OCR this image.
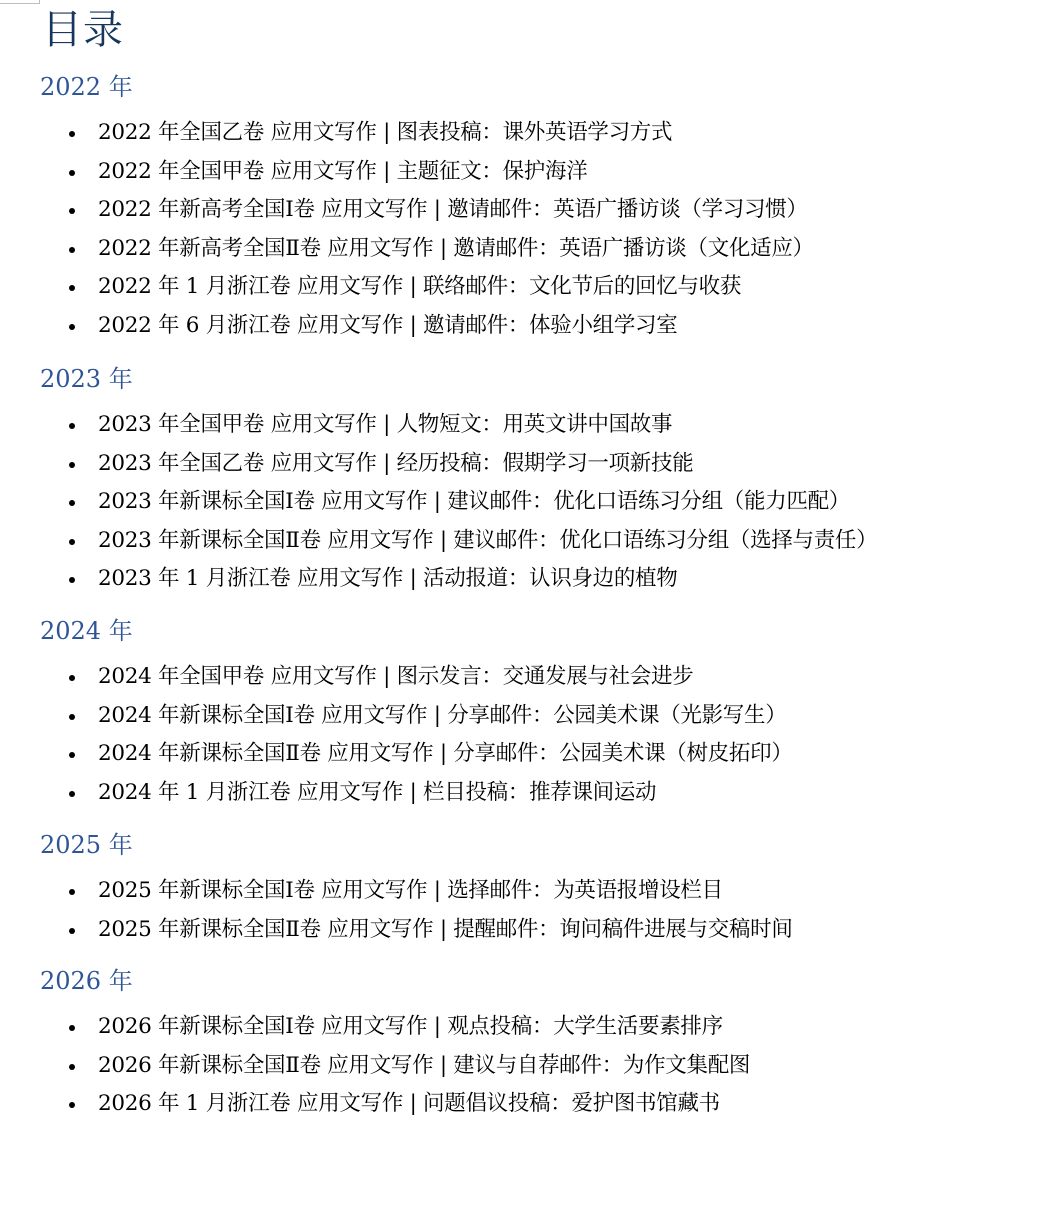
目录
2022 年
2022 年全国乙卷 应用文写作 | 图表投稿：课外英语学习方式
2022 年全国甲卷 应用文写作 | 主题征文：保护海洋
2022 年新高考全国Ⅰ卷 应用文写作 | 邀请邮件：英语广播访谈（学习习惯）
2022 年新高考全国Ⅱ卷 应用文写作 | 邀请邮件：英语广播访谈（文化适应）
2022 年 1 月浙江卷 应用文写作 | 联络邮件：文化节后的回忆与收获
2022 年 6 月浙江卷 应用文写作 | 邀请邮件：体验小组学习室
2023 年
2023 年全国甲卷 应用文写作 | 人物短文：用英文讲中国故事
2023 年全国乙卷 应用文写作 | 经历投稿：假期学习一项新技能
2023 年新课标全国Ⅰ卷 应用文写作 | 建议邮件：优化口语练习分组（能力匹配）
2023 年新课标全国Ⅱ卷 应用文写作 | 建议邮件：优化口语练习分组（选择与责任）
2023 年 1 月浙江卷 应用文写作 | 活动报道：认识身边的植物
2024 年
2024 年全国甲卷 应用文写作 | 图示发言：交通发展与社会进步
2024 年新课标全国Ⅰ卷 应用文写作 | 分享邮件：公园美术课（光影写生）
2024 年新课标全国Ⅱ卷 应用文写作 | 分享邮件：公园美术课（树皮拓印）
2024 年 1 月浙江卷 应用文写作 | 栏目投稿：推荐课间运动
2025 年
2025 年新课标全国Ⅰ卷 应用文写作 | 选择邮件：为英语报增设栏目
2025 年新课标全国Ⅱ卷 应用文写作 | 提醒邮件：询问稿件进展与交稿时间
2026 年
2026 年新课标全国Ⅰ卷 应用文写作 | 观点投稿：大学生活要素排序
2026 年新课标全国Ⅱ卷 应用文写作 | 建议与自荐邮件：为作文集配图
2026 年 1 月浙江卷 应用文写作 | 问题倡议投稿：爱护图书馆藏书
